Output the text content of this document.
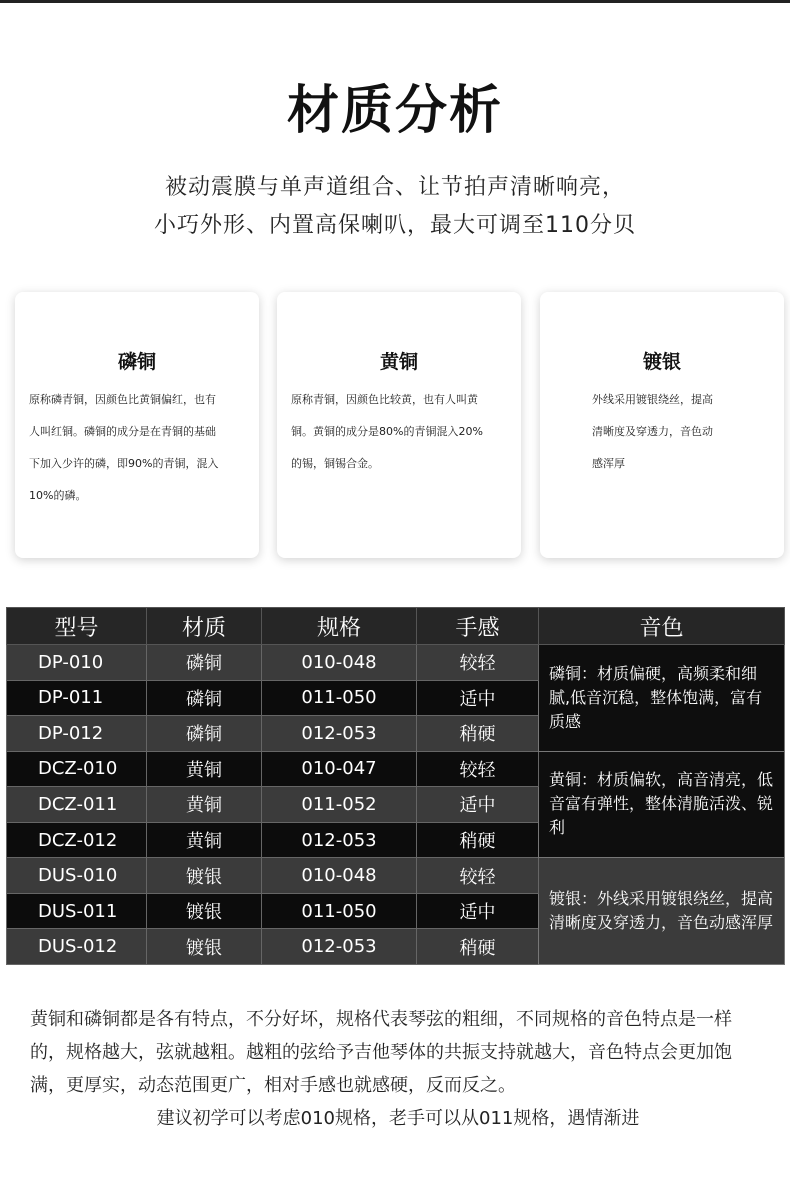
材质分析
被动震膜与单声道组合、让节拍声清晰响亮，
小巧外形、内置高保喇叭，最大可调至110分贝
磷铜
原称磷青铜，因颜色比黄铜偏红，也有
人叫红铜。磷铜的成分是在青铜的基础
下加入少许的磷，即90%的青铜，混入
10%的磷。
黄铜
原称青铜，因颜色比较黄，也有人叫黄
铜。黄铜的成分是80%的青铜混入20%
的锡，铜锡合金。
镀银
外线采用镀银绕丝，提高
清晰度及穿透力，音色动
感浑厚
型号	材质	规格	手感	音色
DP-010	磷铜	010-048	较轻	磷铜：材质偏硬，高频柔和细腻,低音沉稳，整体饱满，富有质感
DP-011	磷铜	011-050	适中	
DP-012	磷铜	012-053	稍硬	
DCZ-010	黄铜	010-047	较轻	黄铜：材质偏软，高音清亮，低音富有弹性，整体清脆活泼、锐利
DCZ-011	黄铜	011-052	适中	
DCZ-012	黄铜	012-053	稍硬	
DUS-010	镀银	010-048	较轻	镀银：外线采用镀银绕丝，提高清晰度及穿透力，音色动感浑厚
DUS-011	镀银	011-050	适中	
DUS-012	镀银	012-053	稍硬	

黄铜和磷铜都是各有特点，不分好坏，规格代表琴弦的粗细，不同规格的音色特点是一样的，规格越大，弦就越粗。越粗的弦给予吉他琴体的共振支持就越大，音色特点会更加饱满，更厚实，动态范围更广，相对手感也就感硬，反而反之。

建议初学可以考虑010规格，老手可以从011规格，遇情渐进
